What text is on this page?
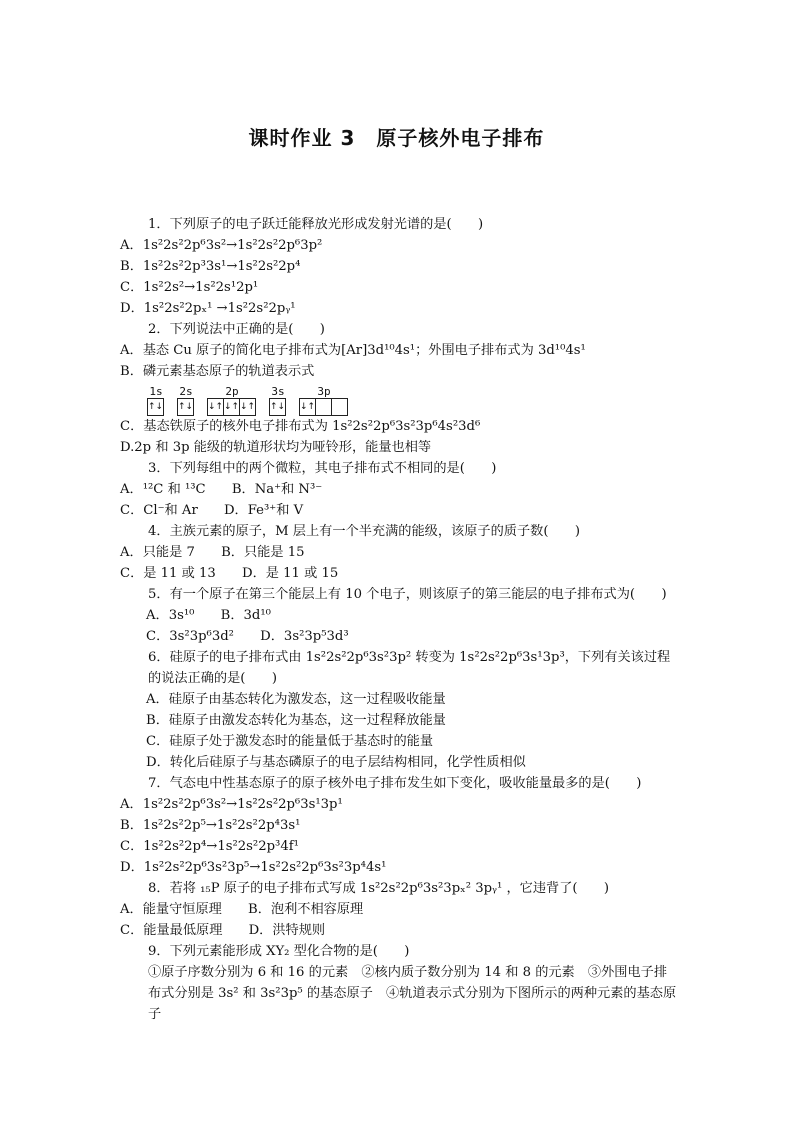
课时作业 3　原子核外电子排布
1．下列原子的电子跃迁能释放光形成发射光谱的是(　　)
A．1s²2s²2p⁶3s²→1s²2s²2p⁶3p²
B．1s²2s²2p³3s¹→1s²2s²2p⁴
C．1s²2s²→1s²2s¹2p¹
D．1s²2s²2pₓ¹ →1s²2s²2pᵧ¹
2．下列说法中正确的是(　　)
A．基态 Cu 原子的简化电子排布式为[Ar]3d¹⁰4s¹；外围电子排布式为 3d¹⁰4s¹
B．磷元素基态原子的轨道表示式
1s
↑↓
2s
↑↓
2p
↓↑ ↓↑ ↓↑
3s
↑↓
3p
↓↑
C．基态铁原子的核外电子排布式为 1s²2s²2p⁶3s²3p⁶4s²3d⁶
D.2p 和 3p 能级的轨道形状均为哑铃形，能量也相等
3．下列每组中的两个微粒，其电子排布式不相同的是(　　)
A．¹²C 和 ¹³C B．Na⁺和 N³⁻
C．Cl⁻和 Ar D．Fe³⁺和 V
4．主族元素的原子，M 层上有一个半充满的能级，该原子的质子数(　　)
A．只能是 7 B．只能是 15
C．是 11 或 13 D．是 11 或 15
5．有一个原子在第三个能层上有 10 个电子，则该原子的第三能层的电子排布式为(　　)
A．3s¹⁰ B．3d¹⁰
C．3s²3p⁶3d² D．3s²3p⁵3d³
6．硅原子的电子排布式由 1s²2s²2p⁶3s²3p² 转变为 1s²2s²2p⁶3s¹3p³，下列有关该过程的说法正确的是(　　)
A．硅原子由基态转化为激发态，这一过程吸收能量
B．硅原子由激发态转化为基态，这一过程释放能量
C．硅原子处于激发态时的能量低于基态时的能量
D．转化后硅原子与基态磷原子的电子层结构相同，化学性质相似
7．气态电中性基态原子的原子核外电子排布发生如下变化，吸收能量最多的是(　　)
A．1s²2s²2p⁶3s²→1s²2s²2p⁶3s¹3p¹
B．1s²2s²2p⁵→1s²2s²2p⁴3s¹
C．1s²2s²2p⁴→1s²2s²2p³4f¹
D．1s²2s²2p⁶3s²3p⁵→1s²2s²2p⁶3s²3p⁴4s¹
8．若将 ₁₅P 原子的电子排布式写成 1s²2s²2p⁶3s²3pₓ² 3pᵧ¹ ，它违背了(　　)
A．能量守恒原理 B．泡利不相容原理
C．能量最低原理 D．洪特规则
9．下列元素能形成 XY₂ 型化合物的是(　　)
①原子序数分别为 6 和 16 的元素　②核内质子数分别为 14 和 8 的元素　③外围电子排布式分别是 3s² 和 3s²3p⁵ 的基态原子　④轨道表示式分别为下图所示的两种元素的基态原子
